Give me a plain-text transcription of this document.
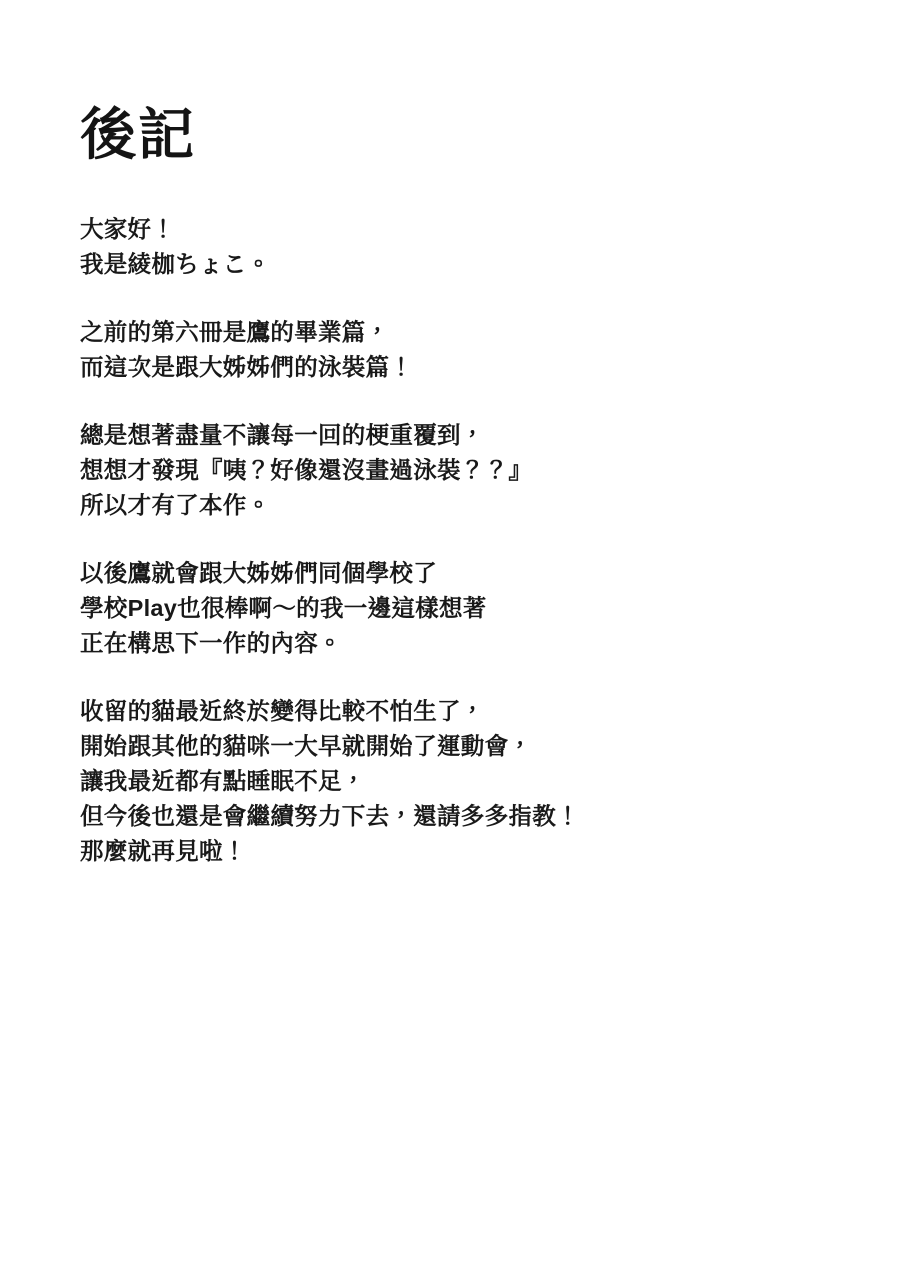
後記

大家好！
我是綾枷ちょこ。

之前的第六冊是鷹的畢業篇，
而這次是跟大姊姊們的泳裝篇！

總是想著盡量不讓每一回的梗重覆到，
想想才發現『咦？好像還沒畫過泳裝？？』
所以才有了本作。

以後鷹就會跟大姊姊們同個學校了
學校Play也很棒啊～的我一邊這樣想著
正在構思下一作的內容。

收留的貓最近終於變得比較不怕生了，
開始跟其他的貓咪一大早就開始了運動會，
讓我最近都有點睡眠不足，
但今後也還是會繼續努力下去，還請多多指教！
那麼就再見啦！
